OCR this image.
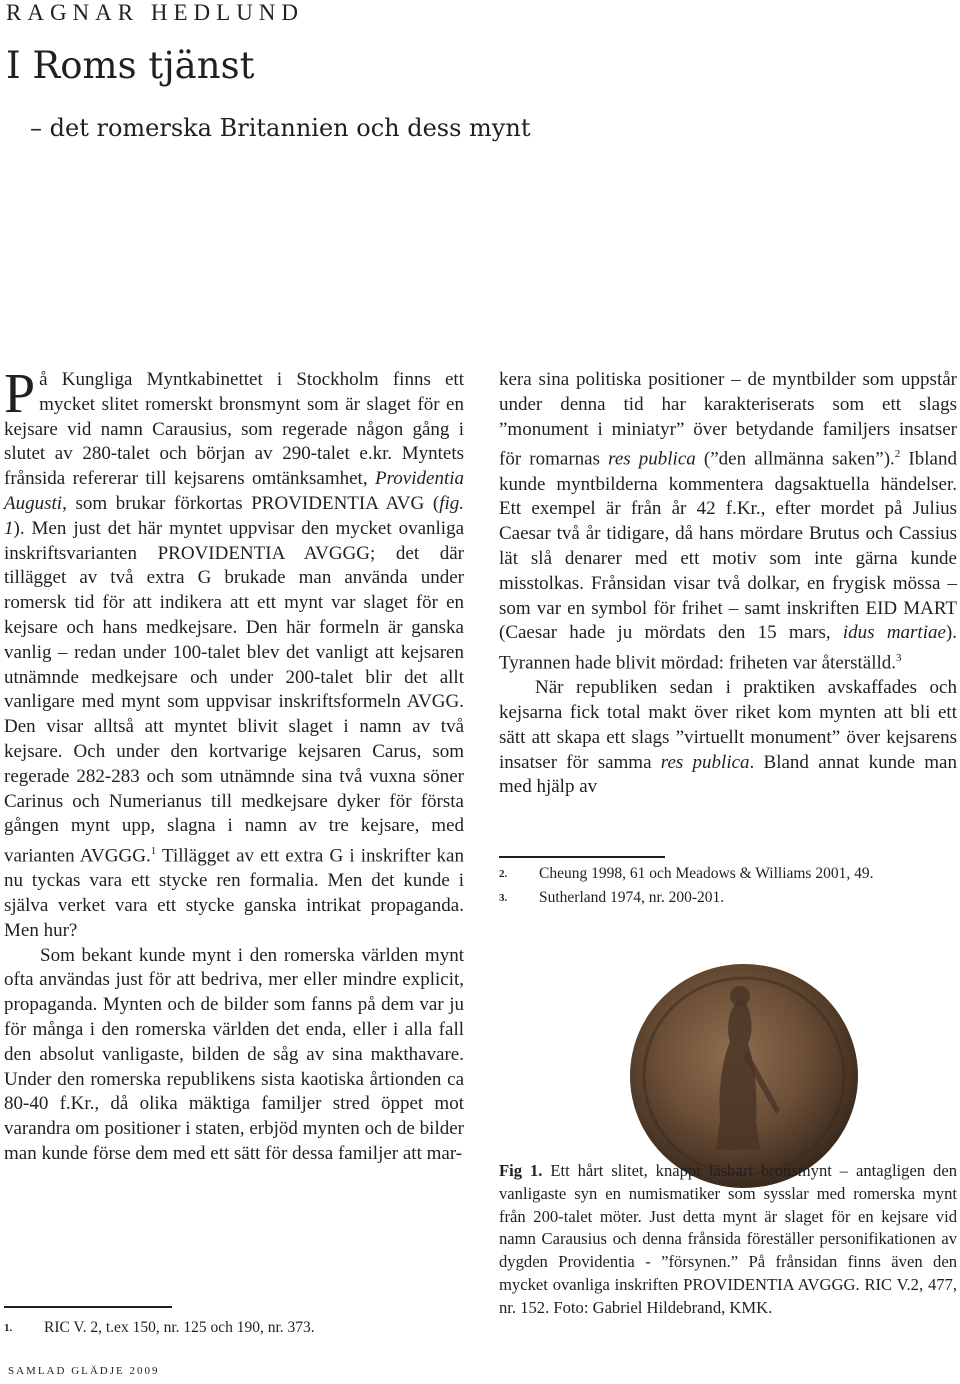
RAGNAR HEDLUND
I Roms tjänst
– det romerska Britannien och dess mynt

På Kungliga Myntkabinettet i Stockholm finns ett mycket slitet romerskt bronsmynt som är slaget för en kejsare vid namn Carausius, som regerade någon gång i slutet av 280-talet och början av 290-talet e.kr. Myntets frånsida refererar till kejsarens omtänksamhet, Providentia Augusti, som brukar förkortas PROVIDENTIA AVG (fig. 1). Men just det här myntet uppvisar den mycket ovanliga inskriftsvarianten PROVIDENTIA AVGGG; det där tillägget av två extra G brukade man använda under romersk tid för att indikera att ett mynt var slaget för en kejsare och hans medkejsare. Den här formeln är ganska vanlig – redan under 100-talet blev det vanligt att kejsaren utnämnde medkejsare och under 200-talet blir det allt vanligare med mynt som uppvisar inskriftsformeln AVGG. Den visar alltså att myntet blivit slaget i namn av två kejsare. Och under den kortvarige kejsaren Carus, som regerade 282-283 och som utnämnde sina två vuxna söner Carinus och Numerianus till medkejsare dyker för första gången mynt upp, slagna i namn av tre kejsare, med varianten AVGGG.$^1$ Tillägget av ett extra G i inskrifter kan nu tyckas vara ett stycke ren formalia. Men det kunde i själva verket vara ett stycke ganska intrikat propaganda. Men hur?

Som bekant kunde mynt i den romerska världen mynt ofta användas just för att bedriva, mer eller mindre explicit, propaganda. Mynten och de bilder som fanns på dem var ju för många i den romerska världen det enda, eller i alla fall den absolut vanligaste, bilden de såg av sina makthavare. Under den romerska republikens sista kaotiska årtionden ca 80-40 f.Kr., då olika mäktiga familjer stred öppet mot varandra om positioner i staten, erbjöd mynten och de bilder man kunde förse dem med ett sätt för dessa familjer att mar-

1.	RIC V. 2, t.ex 150, nr. 125 och 190, nr. 373.

kera sina politiska positioner – de myntbilder som uppstår under denna tid har karakteriserats som ett slags ”monument i miniatyr” över betydande familjers insatser för romarnas res publica (”den allmänna saken”).$^2$ Ibland kunde myntbilderna kommentera dagsaktuella händelser. Ett exempel är från år 42 f.Kr., efter mordet på Julius Caesar två år tidigare, då hans mördare Brutus och Cassius lät slå denarer med ett motiv som inte gärna kunde misstolkas. Frånsidan visar två dolkar, en frygisk mössa – som var en symbol för frihet – samt inskriften EID MART (Caesar hade ju mördats den 15 mars, idus martiae). Tyrannen hade blivit mördad: friheten var återställd.$^3$

När republiken sedan i praktiken avskaffades och kejsarna fick total makt över riket kom mynten att bli ett sätt att skapa ett slags ”virtuellt monument” över kejsarens insatser för samma res publica. Bland annat kunde man med hjälp av

2.	Cheung 1998, 61 och Meadows & Williams 2001, 49.
3.	Sutherland 1974, nr. 200-201.
Fig 1. Ett hårt slitet, knappt läsbart bronsmynt – antagligen den vanligaste syn en numismatiker som sysslar med romerska mynt från 200-talet möter. Just detta mynt är slaget för en kejsare vid namn Carausius och denna frånsida föreställer personifikationen av dygden Providentia - ”försynen.” På frånsidan finns även den mycket ovanliga inskriften PROVIDENTIA AVGGG. RIC V.2, 477, nr. 152. Foto: Gabriel Hildebrand, KMK.
SAMLAD GLÄDJE 2009
